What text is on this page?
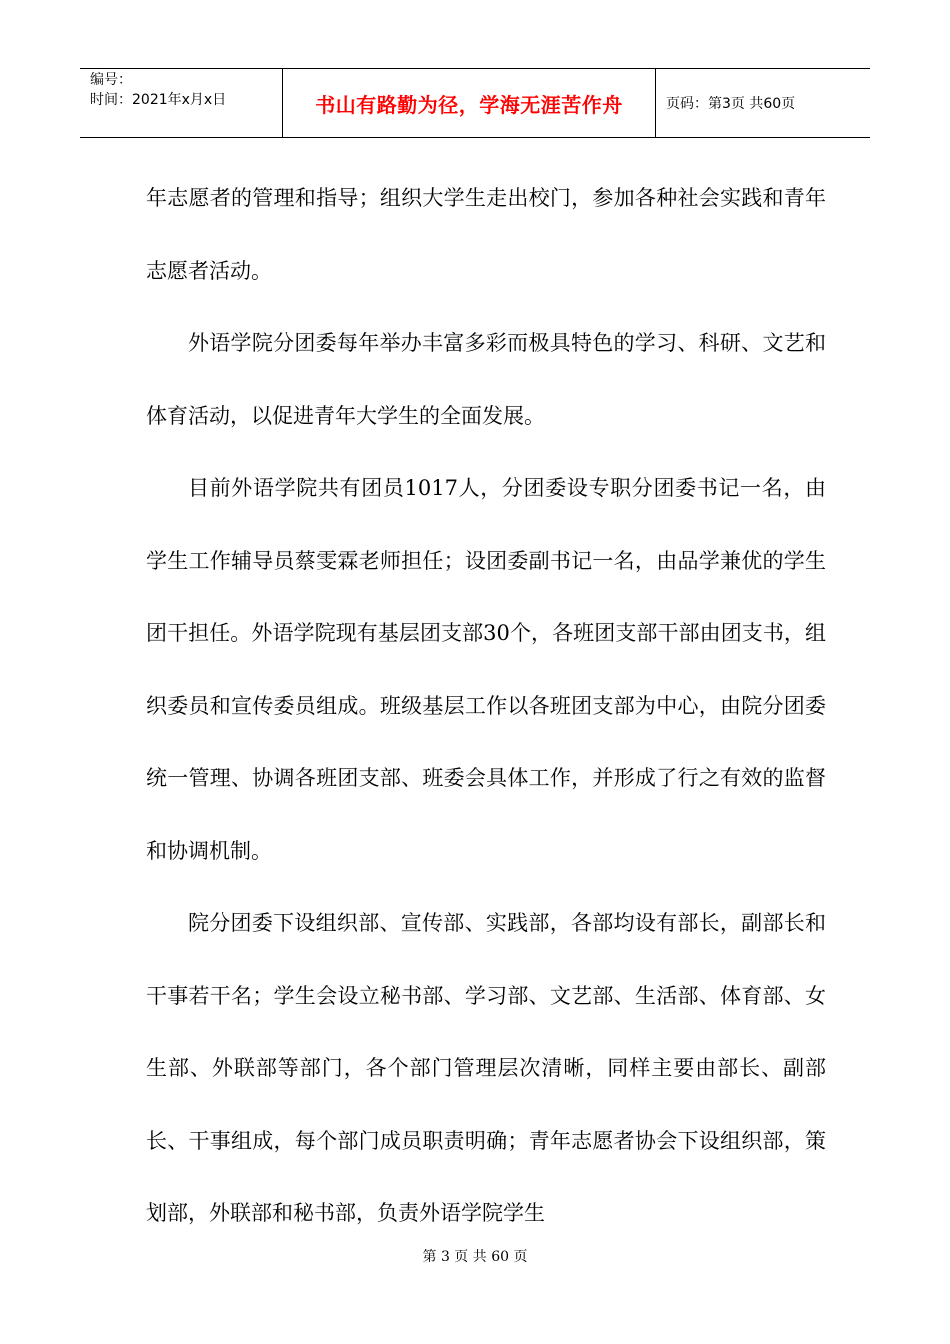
编号：
时间：2021年x月x日	书山有路勤为径，学海无涯苦作舟	页码：第3页 共60页

年志愿者的管理和指导；组织大学生走出校门，参加各种社会实践和青年志愿者活动。

外语学院分团委每年举办丰富多彩而极具特色的学习、科研、文艺和体育活动，以促进青年大学生的全面发展。

目前外语学院共有团员1017人，分团委设专职分团委书记一名，由学生工作辅导员蔡雯霖老师担任；设团委副书记一名，由品学兼优的学生团干担任。外语学院现有基层团支部30个，各班团支部干部由团支书，组织委员和宣传委员组成。班级基层工作以各班团支部为中心，由院分团委统一管理、协调各班团支部、班委会具体工作，并形成了行之有效的监督和协调机制。

院分团委下设组织部、宣传部、实践部，各部均设有部长，副部长和干事若干名；学生会设立秘书部、学习部、文艺部、生活部、体育部、女生部、外联部等部门，各个部门管理层次清晰，同样主要由部长、副部长、干事组成，每个部门成员职责明确；青年志愿者协会下设组织部，策划部，外联部和秘书部，负责外语学院学生

第 3 页 共 60 页
